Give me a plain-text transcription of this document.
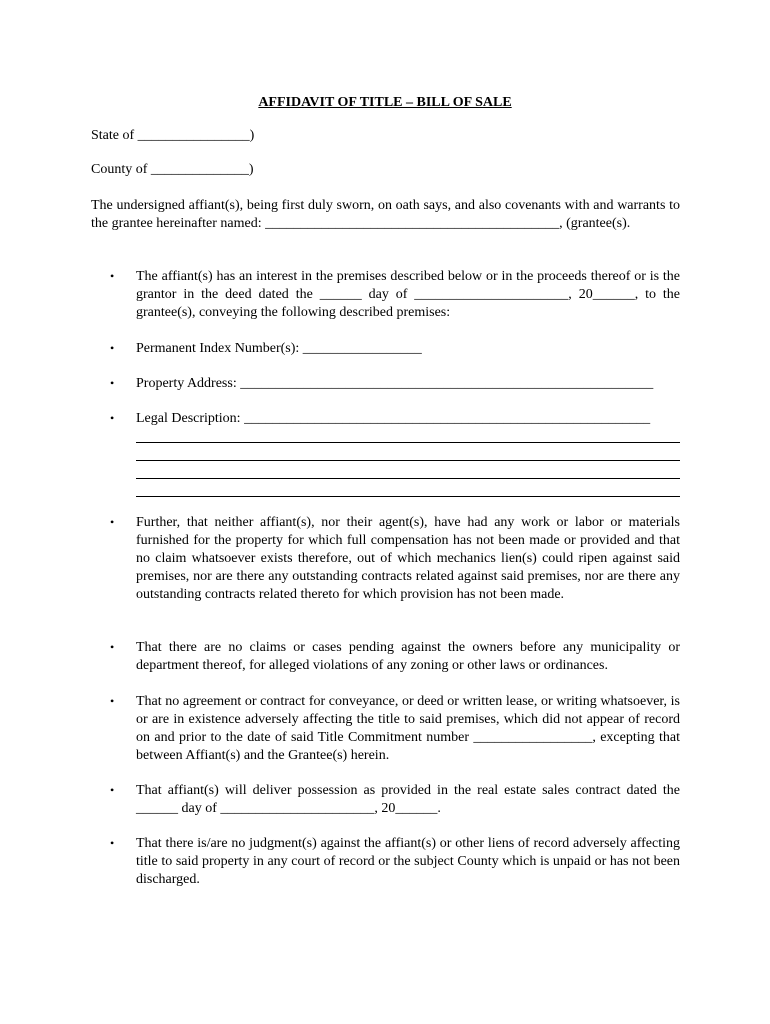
AFFIDAVIT OF TITLE – BILL OF SALE
State of ________________)
County of ______________)
The undersigned affiant(s), being first duly sworn, on oath says, and also covenants with and warrants to the grantee hereinafter named: __________________________________________, (grantee(s).
• The affiant(s) has an interest in the premises described below or in the proceeds thereof or is the grantor in the deed dated the ______ day of ______________________, 20______, to the grantee(s), conveying the following described premises:
• Permanent Index Number(s): _________________
• Property Address: ___________________________________________________________
• Legal Description: __________________________________________________________
• Further, that neither affiant(s), nor their agent(s), have had any work or labor or materials furnished for the property for which full compensation has not been made or provided and that no claim whatsoever exists therefore, out of which mechanics lien(s) could ripen against said premises, nor are there any outstanding contracts related against said premises, nor are there any outstanding contracts related thereto for which provision has not been made.
• That there are no claims or cases pending against the owners before any municipality or department thereof, for alleged violations of any zoning or other laws or ordinances.
• That no agreement or contract for conveyance, or deed or written lease, or writing whatsoever, is or are in existence adversely affecting the title to said premises, which did not appear of record on and prior to the date of said Title Commitment number _________________, excepting that between Affiant(s) and the Grantee(s) herein.
• That affiant(s) will deliver possession as provided in the real estate sales contract dated the ______ day of ______________________, 20______.
• That there is/are no judgment(s) against the affiant(s) or other liens of record adversely affecting title to said property in any court of record or the subject County which is unpaid or has not been discharged.
